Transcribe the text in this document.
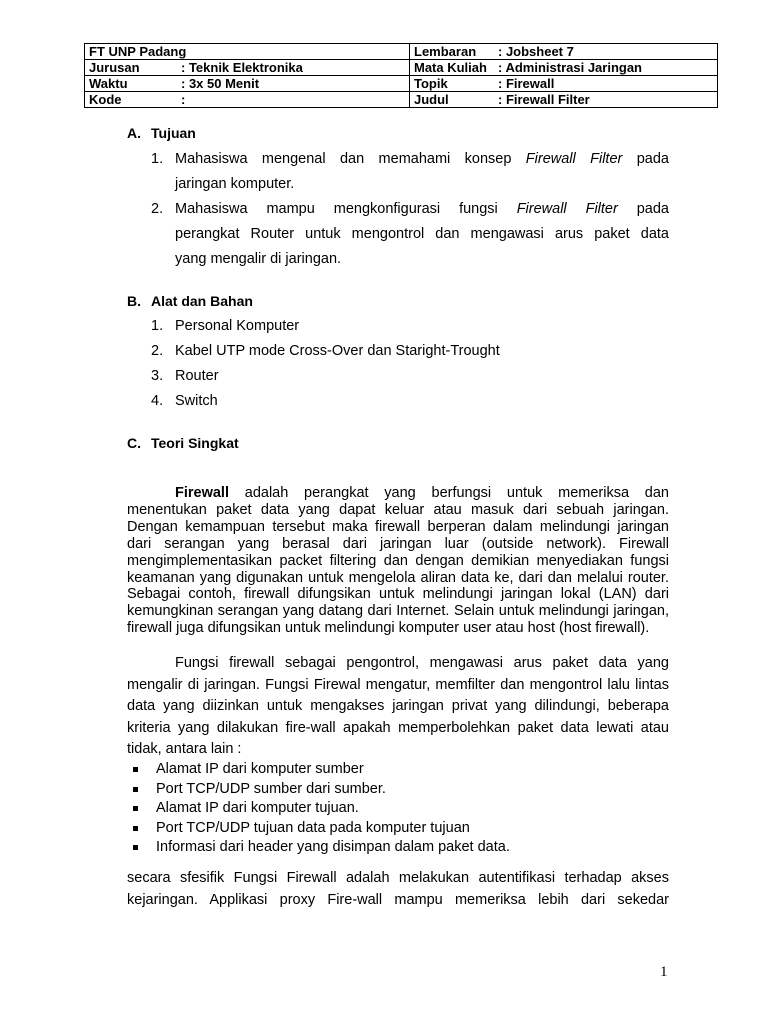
FT UNP Padang	Lembaran : Jobsheet 7
Jurusan : Teknik Elektronika	Mata Kuliah : Administrasi Jaringan
Waktu : 3x 50 Menit	Topik : Firewall
Kode :	Judul : Firewall Filter
A. Tujuan
1. Mahasiswa mengenal dan memahami konsep Firewall Filter pada
jaringan komputer.
2. Mahasiswa mampu mengkonfigurasi fungsi Firewall Filter pada
perangkat Router untuk mengontrol dan mengawasi arus paket data
yang mengalir di jaringan.
B. Alat dan Bahan
1. Personal Komputer
2. Kabel UTP mode Cross-Over dan Staright-Trought
3. Router
4. Switch
C. Teori Singkat
Firewall adalah perangkat yang berfungsi untuk memeriksa dan menentukan paket data yang dapat keluar atau masuk dari sebuah jaringan. Dengan kemampuan tersebut maka firewall berperan dalam melindungi jaringan dari serangan yang berasal dari jaringan luar (outside network). Firewall mengimplementasikan packet filtering dan dengan demikian menyediakan fungsi keamanan yang digunakan untuk mengelola aliran data ke, dari dan melalui router. Sebagai contoh, firewall difungsikan untuk melindungi jaringan lokal (LAN) dari kemungkinan serangan yang datang dari Internet. Selain untuk melindungi jaringan, firewall juga difungsikan untuk melindungi komputer user atau host (host firewall).
Fungsi firewall sebagai pengontrol, mengawasi arus paket data yang mengalir di jaringan. Fungsi Firewal mengatur, memfilter dan mengontrol lalu lintas data yang diizinkan untuk mengakses jaringan privat yang dilindungi, beberapa kriteria yang dilakukan fire-wall apakah memperbolehkan paket data lewati atau tidak, antara lain :
Alamat IP dari komputer sumber
Port TCP/UDP sumber dari sumber.
Alamat IP dari komputer tujuan.
Port TCP/UDP tujuan data pada komputer tujuan
Informasi dari header yang disimpan dalam paket data.
secara sfesifik Fungsi Firewall adalah melakukan autentifikasi terhadap akses kejaringan. Applikasi proxy Fire-wall mampu memeriksa lebih dari sekedar
1
